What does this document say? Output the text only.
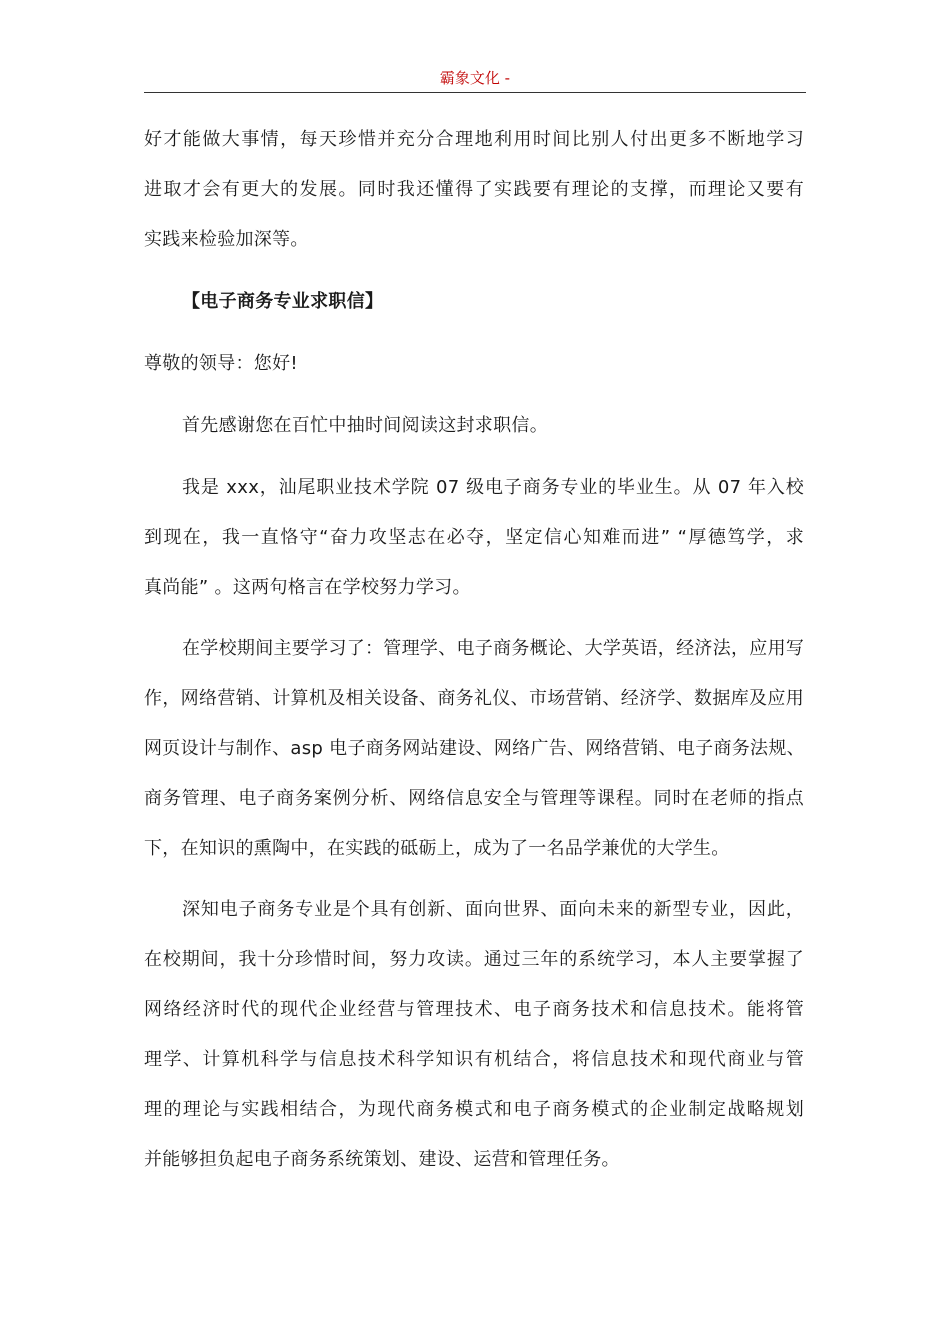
霸象文化 -
好才能做大事情，每天珍惜并充分合理地利用时间比别人付出更多不断地学习
进取才会有更大的发展。同时我还懂得了实践要有理论的支撑，而理论又要有
实践来检验加深等。
【电子商务专业求职信】
尊敬的领导：您好!
首先感谢您在百忙中抽时间阅读这封求职信。
我是 xxx，汕尾职业技术学院 07 级电子商务专业的毕业生。从 07 年入校
到现在，我一直恪守“奋力攻坚志在必夺，坚定信心知难而进” “厚德笃学，求
真尚能” 。这两句格言在学校努力学习。
在学校期间主要学习了：管理学、电子商务概论、大学英语，经济法，应用写
作，网络营销、计算机及相关设备、商务礼仪、市场营销、经济学、数据库及应用
网页设计与制作、asp 电子商务网站建设、网络广告、网络营销、电子商务法规、
商务管理、电子商务案例分析、网络信息安全与管理等课程。同时在老师的指点
下，在知识的熏陶中，在实践的砥砺上，成为了一名品学兼优的大学生。
深知电子商务专业是个具有创新、面向世界、面向未来的新型专业，因此，
在校期间，我十分珍惜时间，努力攻读。通过三年的系统学习，本人主要掌握了
网络经济时代的现代企业经营与管理技术、电子商务技术和信息技术。能将管
理学、计算机科学与信息技术科学知识有机结合，将信息技术和现代商业与管
理的理论与实践相结合，为现代商务模式和电子商务模式的企业制定战略规划
并能够担负起电子商务系统策划、建设、运营和管理任务。
